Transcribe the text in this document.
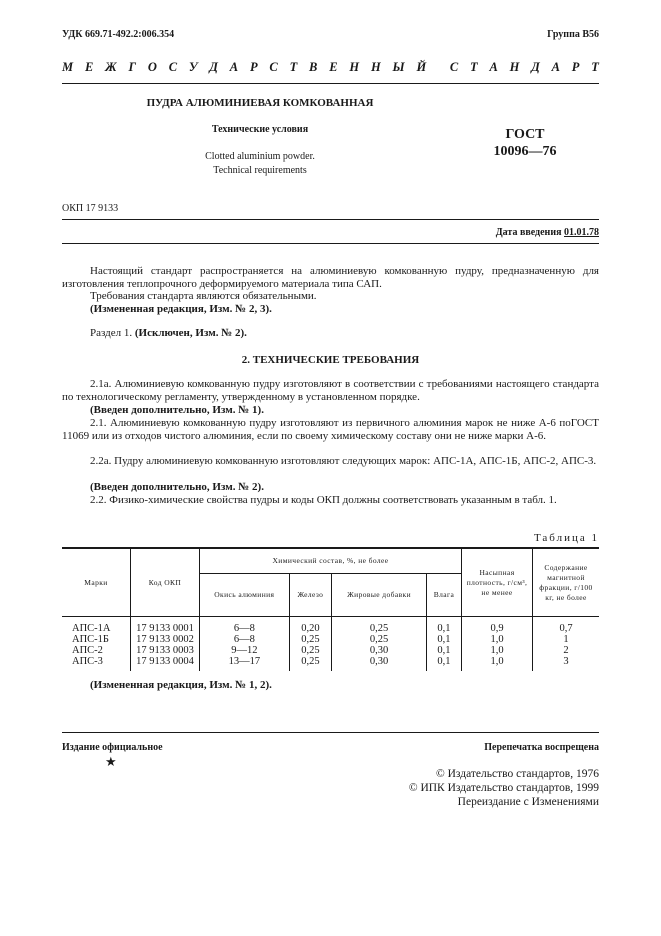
УДК 669.71-492.2:006.354	Группа В56
М Е Ж Г О С У Д А Р С Т В Е Н Н Ы Й С Т А Н Д А Р Т
ПУДРА АЛЮМИНИЕВАЯ КОМКОВАННАЯ
Технические условия
Clotted aluminium powder.
Technical requirements
ГОСТ
10096—76
ОКП 17 9133
Дата введения 01.01.78
Настоящий стандарт распространяется на алюминиевую комкованную пудру, предназначенную для изготовления теплопрочного деформируемого материала типа САП.
Требования стандарта являются обязательными.
(Измененная редакция, Изм. № 2, 3).
Раздел 1. (Исключен, Изм. № 2).
2. ТЕХНИЧЕСКИЕ ТРЕБОВАНИЯ
2.1а. Алюминиевую комкованную пудру изготовляют в соответствии с требованиями настоящего стандарта по технологическому регламенту, утвержденному в установленном порядке.
(Введен дополнительно, Изм. № 1).
2.1. Алюминиевую комкованную пудру изготовляют из первичного алюминия марок не ниже А-6 поГОСТ 11069 или из отходов чистого алюминия, если по своему химическому составу они не ниже марки А-6.
2.2а. Пудру алюминиевую комкованную изготовляют следующих марок: АПС-1А, АПС-1Б, АПС-2, АПС-3.
(Введен дополнительно, Изм. № 2).
2.2. Физико-химические свойства пудры и коды ОКП должны соответствовать указанным в табл. 1.
Таблица 1
Марки	Код ОКП	Химический состав, %, не более				Насыпная плотность, г/см³, не менее	Содержание магнитной фракции, г/100 кг, не более
		Окись алюминия	Железо	Жировые добавки	Влага		
АПС-1А	17 9133 0001	6—8	0,20	0,25	0,1	0,9	0,7
АПС-1Б	17 9133 0002	6—8	0,25	0,25	0,1	1,0	1
АПС-2	17 9133 0003	9—12	0,25	0,30	0,1	1,0	2
АПС-3	17 9133 0004	13—17	0,25	0,30	0,1	1,0	3
(Измененная редакция, Изм. № 1, 2).
Издание официальное	Перепечатка воспрещена
★
© Издательство стандартов, 1976
© ИПК Издательство стандартов, 1999
Переиздание с Изменениями
